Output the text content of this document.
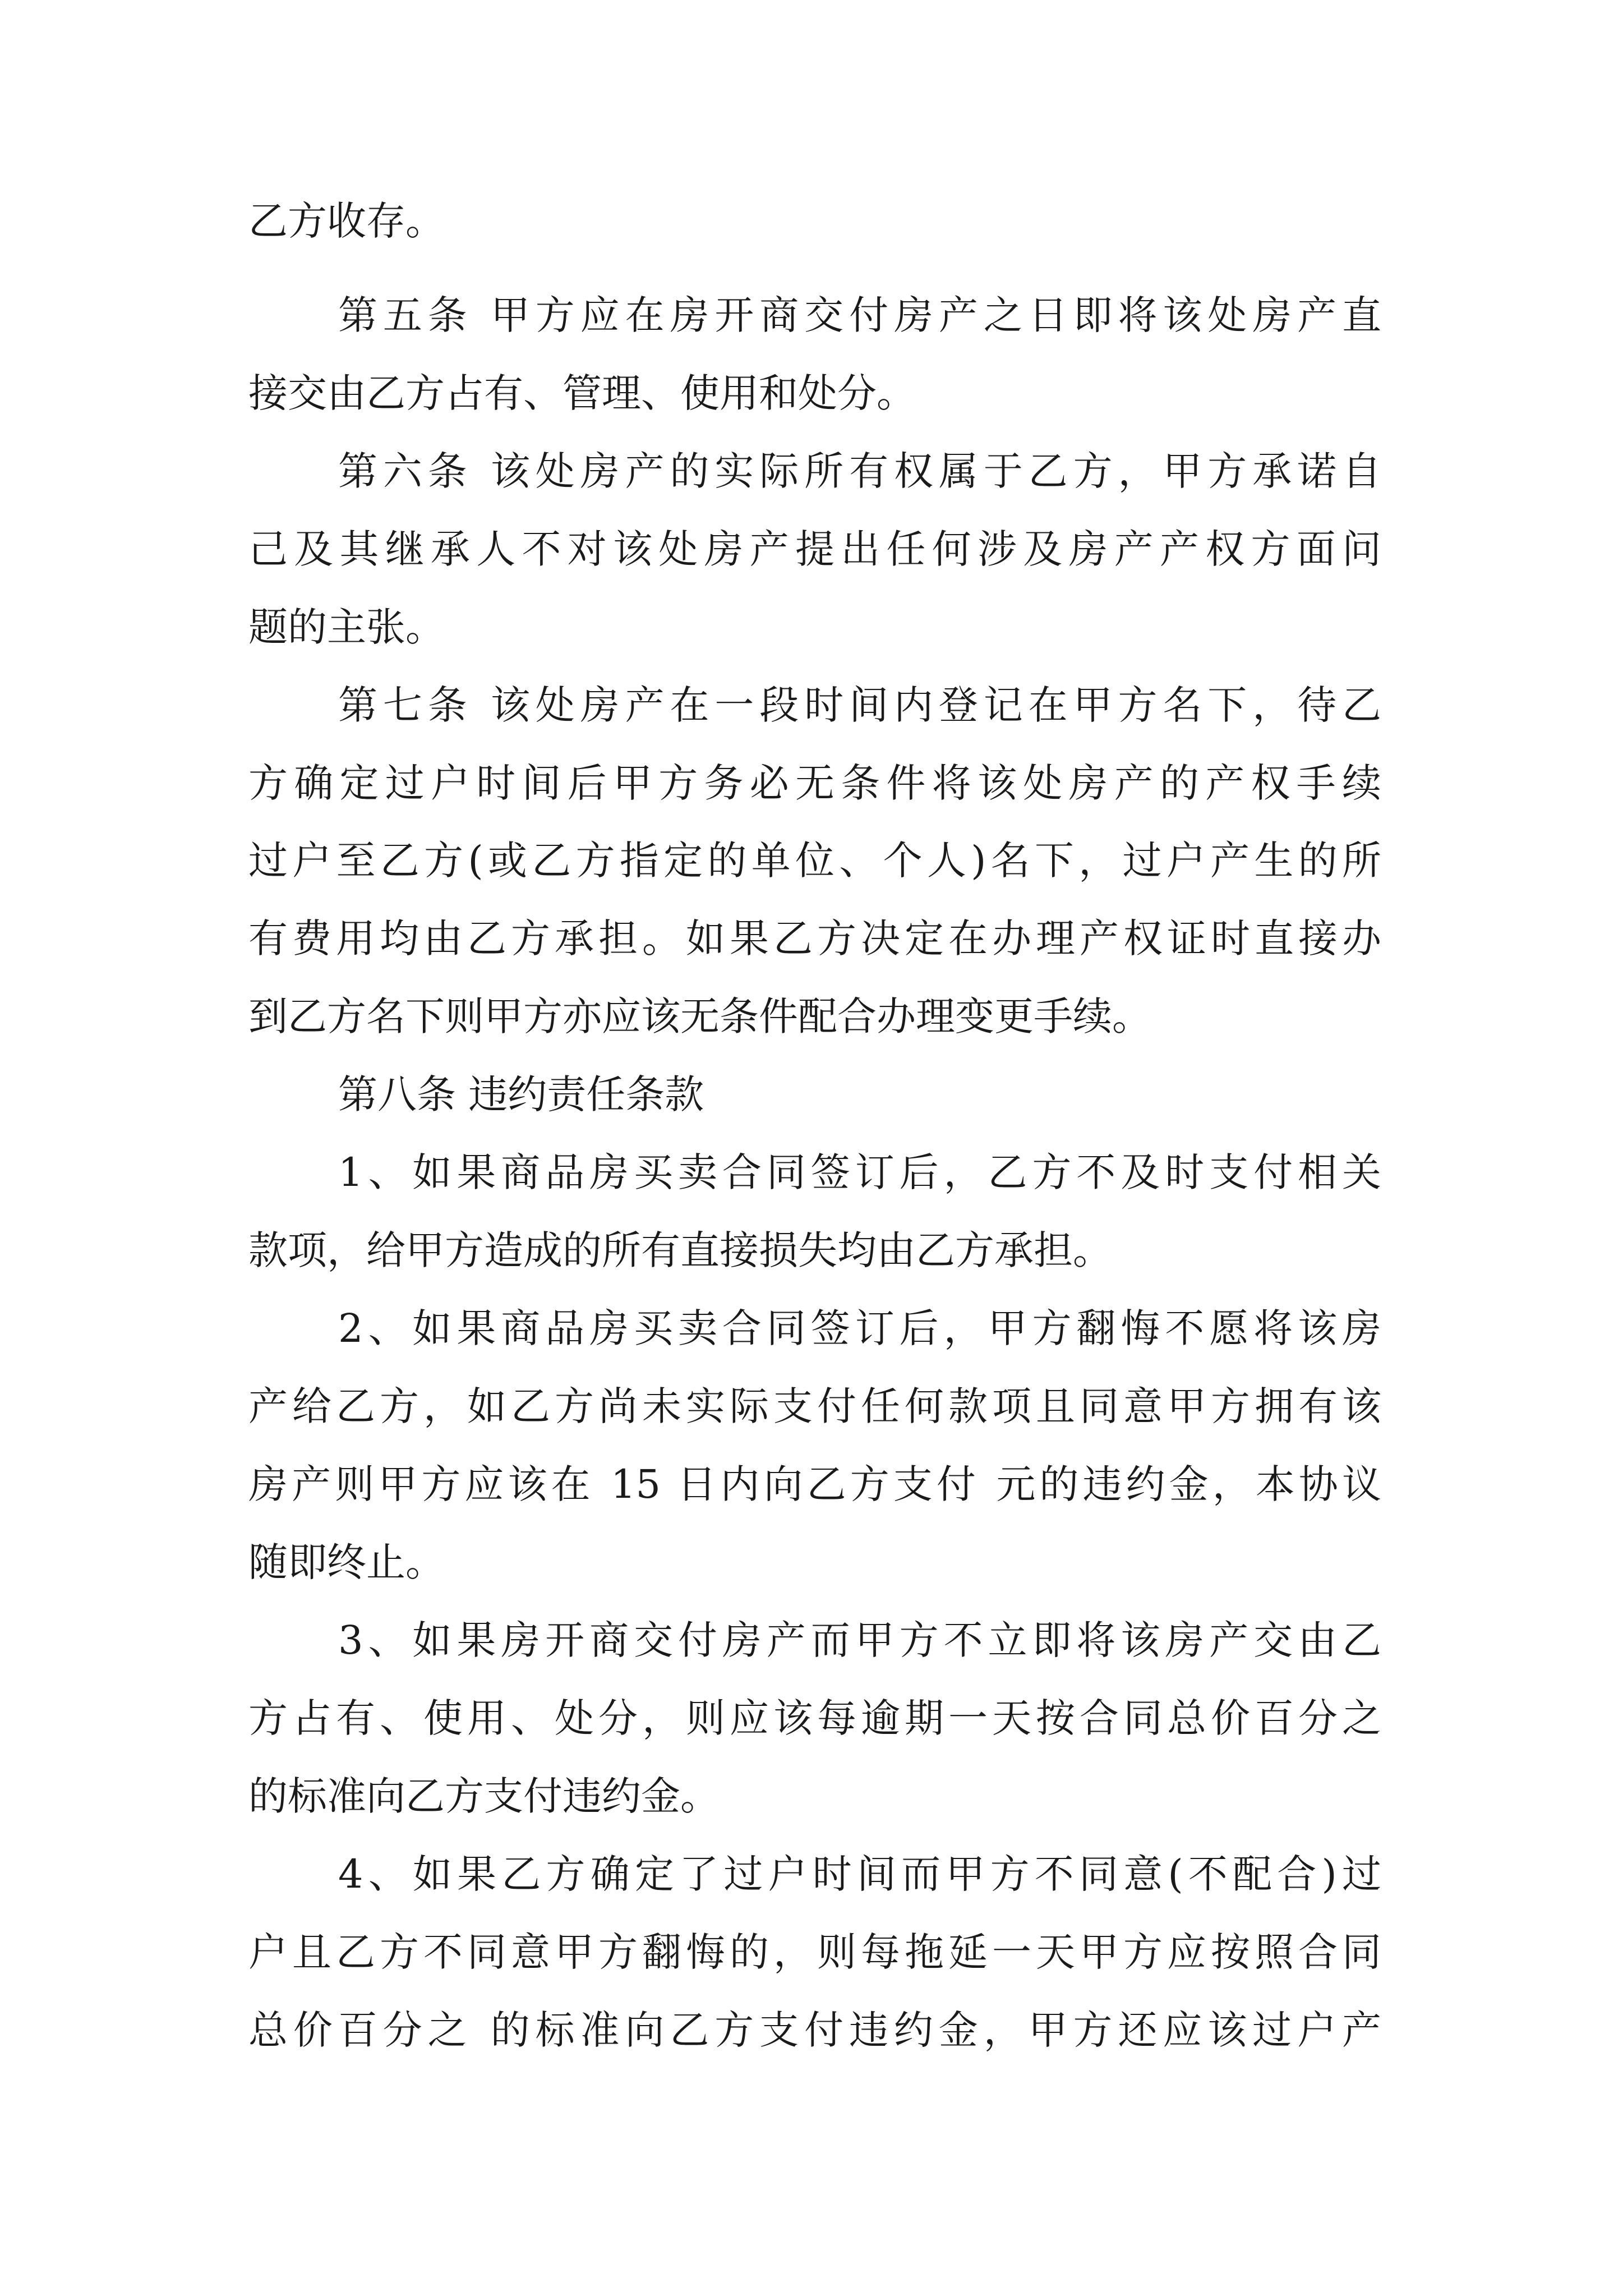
乙方收存。
第五条 甲方应在房开商交付房产之日即将该处房产直
接交由乙方占有、管理、使用和处分。
第六条 该处房产的实际所有权属于乙方，甲方承诺自
己及其继承人不对该处房产提出任何涉及房产产权方面问
题的主张。
第七条 该处房产在一段时间内登记在甲方名下，待乙
方确定过户时间后甲方务必无条件将该处房产的产权手续
过户至乙方(或乙方指定的单位、个人)名下，过户产生的所
有费用均由乙方承担。如果乙方决定在办理产权证时直接办
到乙方名下则甲方亦应该无条件配合办理变更手续。
第八条 违约责任条款
1、如果商品房买卖合同签订后，乙方不及时支付相关
款项，给甲方造成的所有直接损失均由乙方承担。
2、如果商品房买卖合同签订后，甲方翻悔不愿将该房
产给乙方，如乙方尚未实际支付任何款项且同意甲方拥有该
房产则甲方应该在 15 日内向乙方支付 元的违约金，本协议
随即终止。
3、如果房开商交付房产而甲方不立即将该房产交由乙
方占有、使用、处分，则应该每逾期一天按合同总价百分之
的标准向乙方支付违约金。
4、如果乙方确定了过户时间而甲方不同意(不配合)过
户且乙方不同意甲方翻悔的，则每拖延一天甲方应按照合同
总价百分之 的标准向乙方支付违约金，甲方还应该过户产
